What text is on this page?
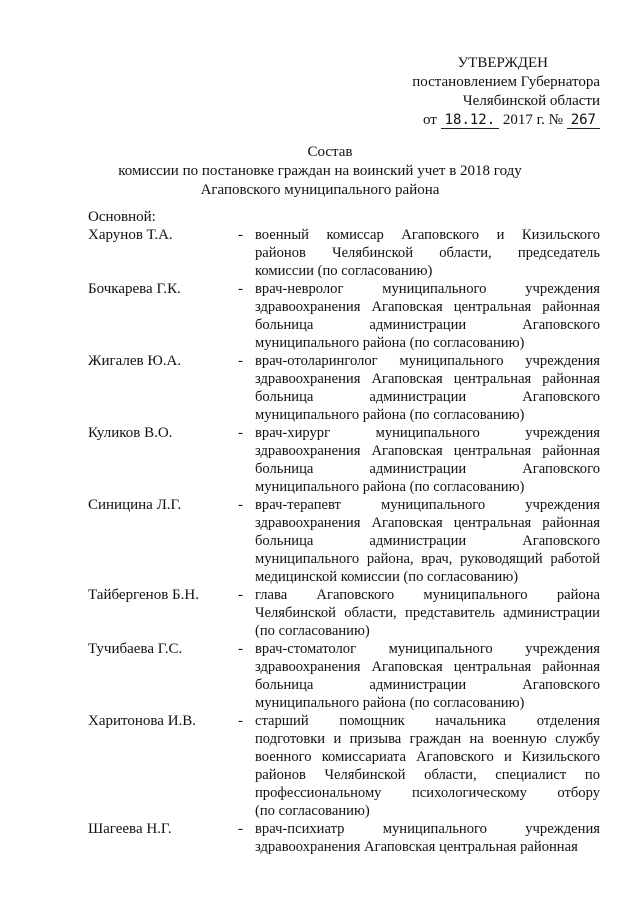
УТВЕРЖДЕН
постановлением Губернатора
Челябинской области
от 18.12. 2017 г. № 267
Состав
комиссии по постановке граждан на воинский учет в 2018 году
Агаповского муниципального района
Основной:
Харунов Т.А.	- военный комиссар Агаповского и Кизильского
районов Челябинской области, председатель
комиссии (по согласованию)
Бочкарева Г.К.	- врач-невролог муниципального учреждения
здравоохранения Агаповская центральная районная
больница администрации Агаповского
муниципального района (по согласованию)
Жигалев Ю.А.	- врач-отоларинголог муниципального учреждения
здравоохранения Агаповская центральная районная
больница администрации Агаповского
муниципального района (по согласованию)
Куликов В.О.	- врач-хирург муниципального учреждения
здравоохранения Агаповская центральная районная
больница администрации Агаповского
муниципального района (по согласованию)
Синицина Л.Г.	- врач-терапевт муниципального учреждения
здравоохранения Агаповская центральная районная
больница администрации Агаповского
муниципального района, врач, руководящий работой
медицинской комиссии (по согласованию)
Тайбергенов Б.Н.	- глава Агаповского муниципального района
Челябинской области, представитель администрации
(по согласованию)
Тучибаева Г.С.	- врач-стоматолог муниципального учреждения
здравоохранения Агаповская центральная районная
больница администрации Агаповского
муниципального района (по согласованию)
Харитонова И.В.	- старший помощник начальника отделения
подготовки и призыва граждан на военную службу
военного комиссариата Агаповского и Кизильского
районов Челябинской области, специалист по
профессиональному психологическому отбору
(по согласованию)
Шагеева Н.Г.	- врач-психиатр муниципального учреждения
здравоохранения Агаповская центральная районная
